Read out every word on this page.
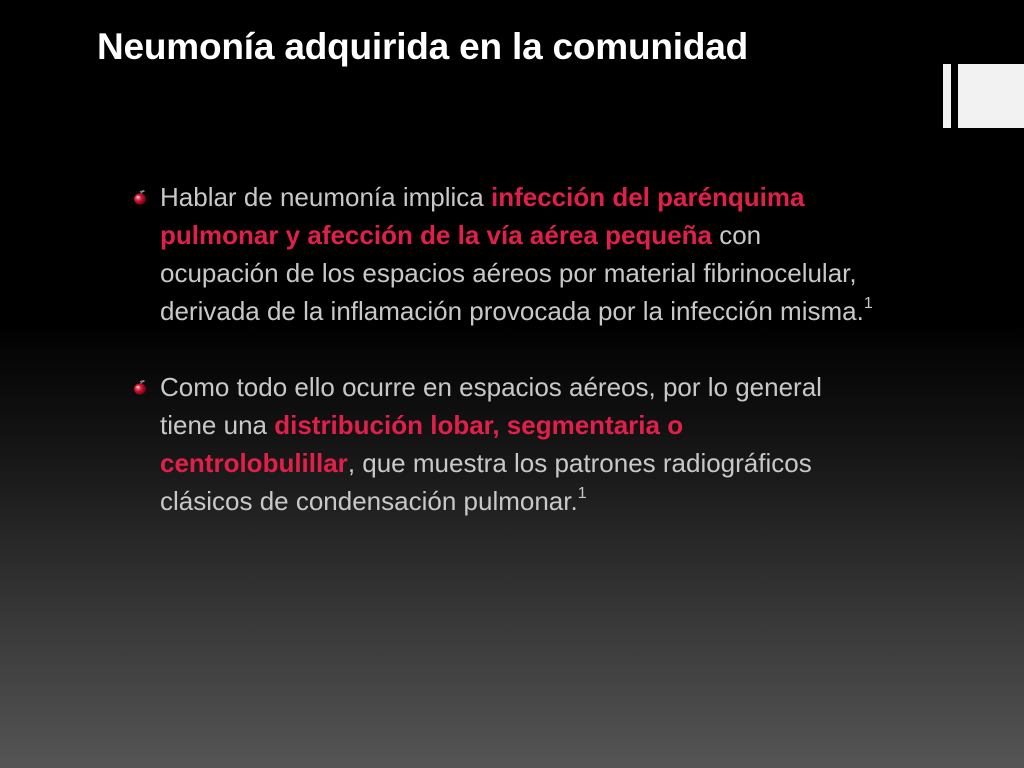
Neumonía adquirida en la comunidad
Hablar de neumonía implica infección del parénquima pulmonar y afección de la vía aérea pequeña con ocupación de los espacios aéreos por material fibrinocelular, derivada de la inflamación provocada por la infección misma.$^1$
Como todo ello ocurre en espacios aéreos, por lo general tiene una distribución lobar, segmentaria o centrolobulillar, que muestra los patrones radiográficos clásicos de condensación pulmonar.$^1$
